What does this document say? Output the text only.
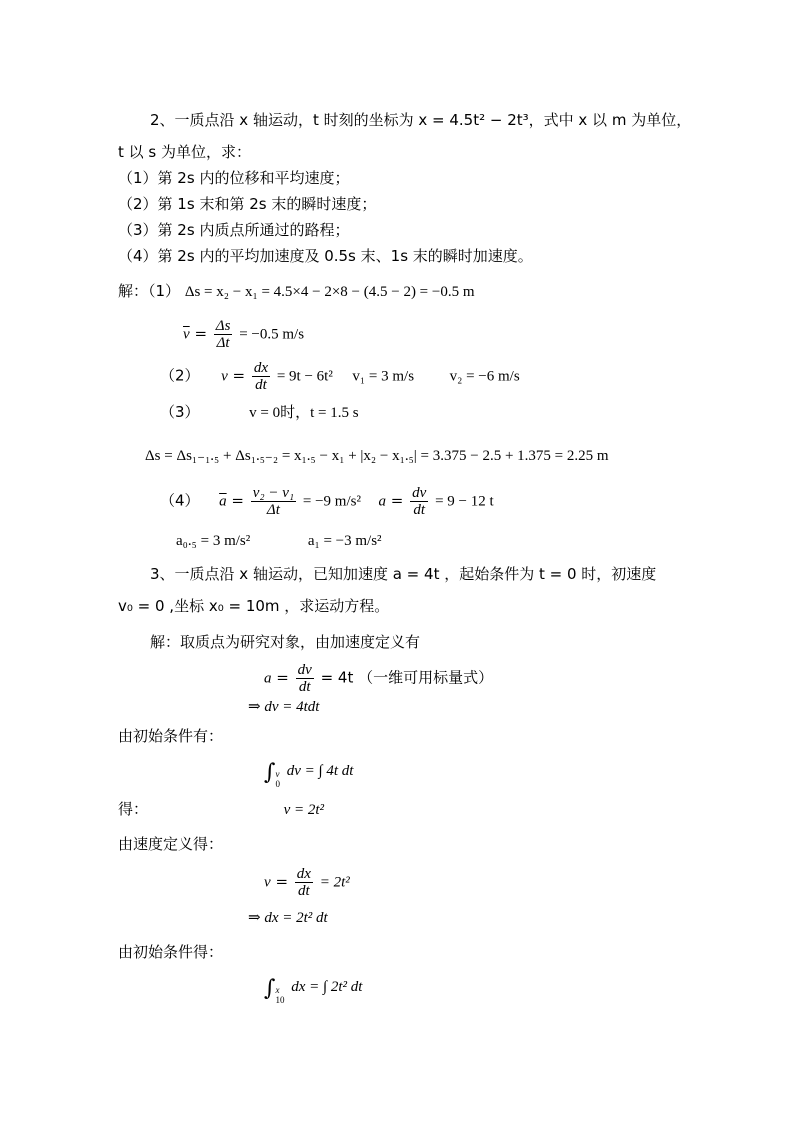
2、一质点沿 x 轴运动，t 时刻的坐标为 x = 4.5t² − 2t³，式中 x 以 m 为单位，
t 以 s 为单位，求：
（1）第 2s 内的位移和平均速度；
（2）第 1s 末和第 2s 末的瞬时速度；
（3）第 2s 内质点所通过的路程；
（4）第 2s 内的平均加速度及 0.5s 末、1s 末的瞬时加速度。
解：（1） Δs = x₂ − x₁ = 4.5×4 − 2×8 − (4.5 − 2) = −0.5 m
$\overline{v} = \frac{\Delta s}{\Delta t} = -0.5$ m/s
（2） $v = \frac{dx}{dt} = 9t - 6t^2$ v₁ = 3 m/s v₂ = −6 m/s
（3）	v = 0时，t = 1.5 s
Δs = Δs₁₋₁.₅ + Δs₁.₅₋₂ = x₁.₅ − x₁ + |x₂ − x₁.₅| = 3.375 − 2.5 + 1.375 = 2.25 m
（4） $\overline{a} = \frac{\text{v₂ − v₁}}{\Delta t} = -9$ m/s² $a = \frac{dv}{dt} = 9 - 12$ t
a₀.₅ = 3 m/s²	a₁ = −3 m/s²
3、一质点沿 x 轴运动，已知加速度 a = 4t ，起始条件为 t = 0 时，初速度
v₀ = 0 ,坐标 x₀ = 10m ，求运动方程。
解：取质点为研究对象，由加速度定义有
$a = \frac{dv}{dt} = 4t$ （一维可用标量式）
⇒ dv = 4tdt
由初始条件有：
∫ v
0
dv = ∫ 4t dt
得：	v = 2t²
由速度定义得：
$v = \frac{dx}{dt} = 2t^2$
⇒ dx = 2t² dt
由初始条件得：
∫ x
10
dx = ∫ 2t² dt
